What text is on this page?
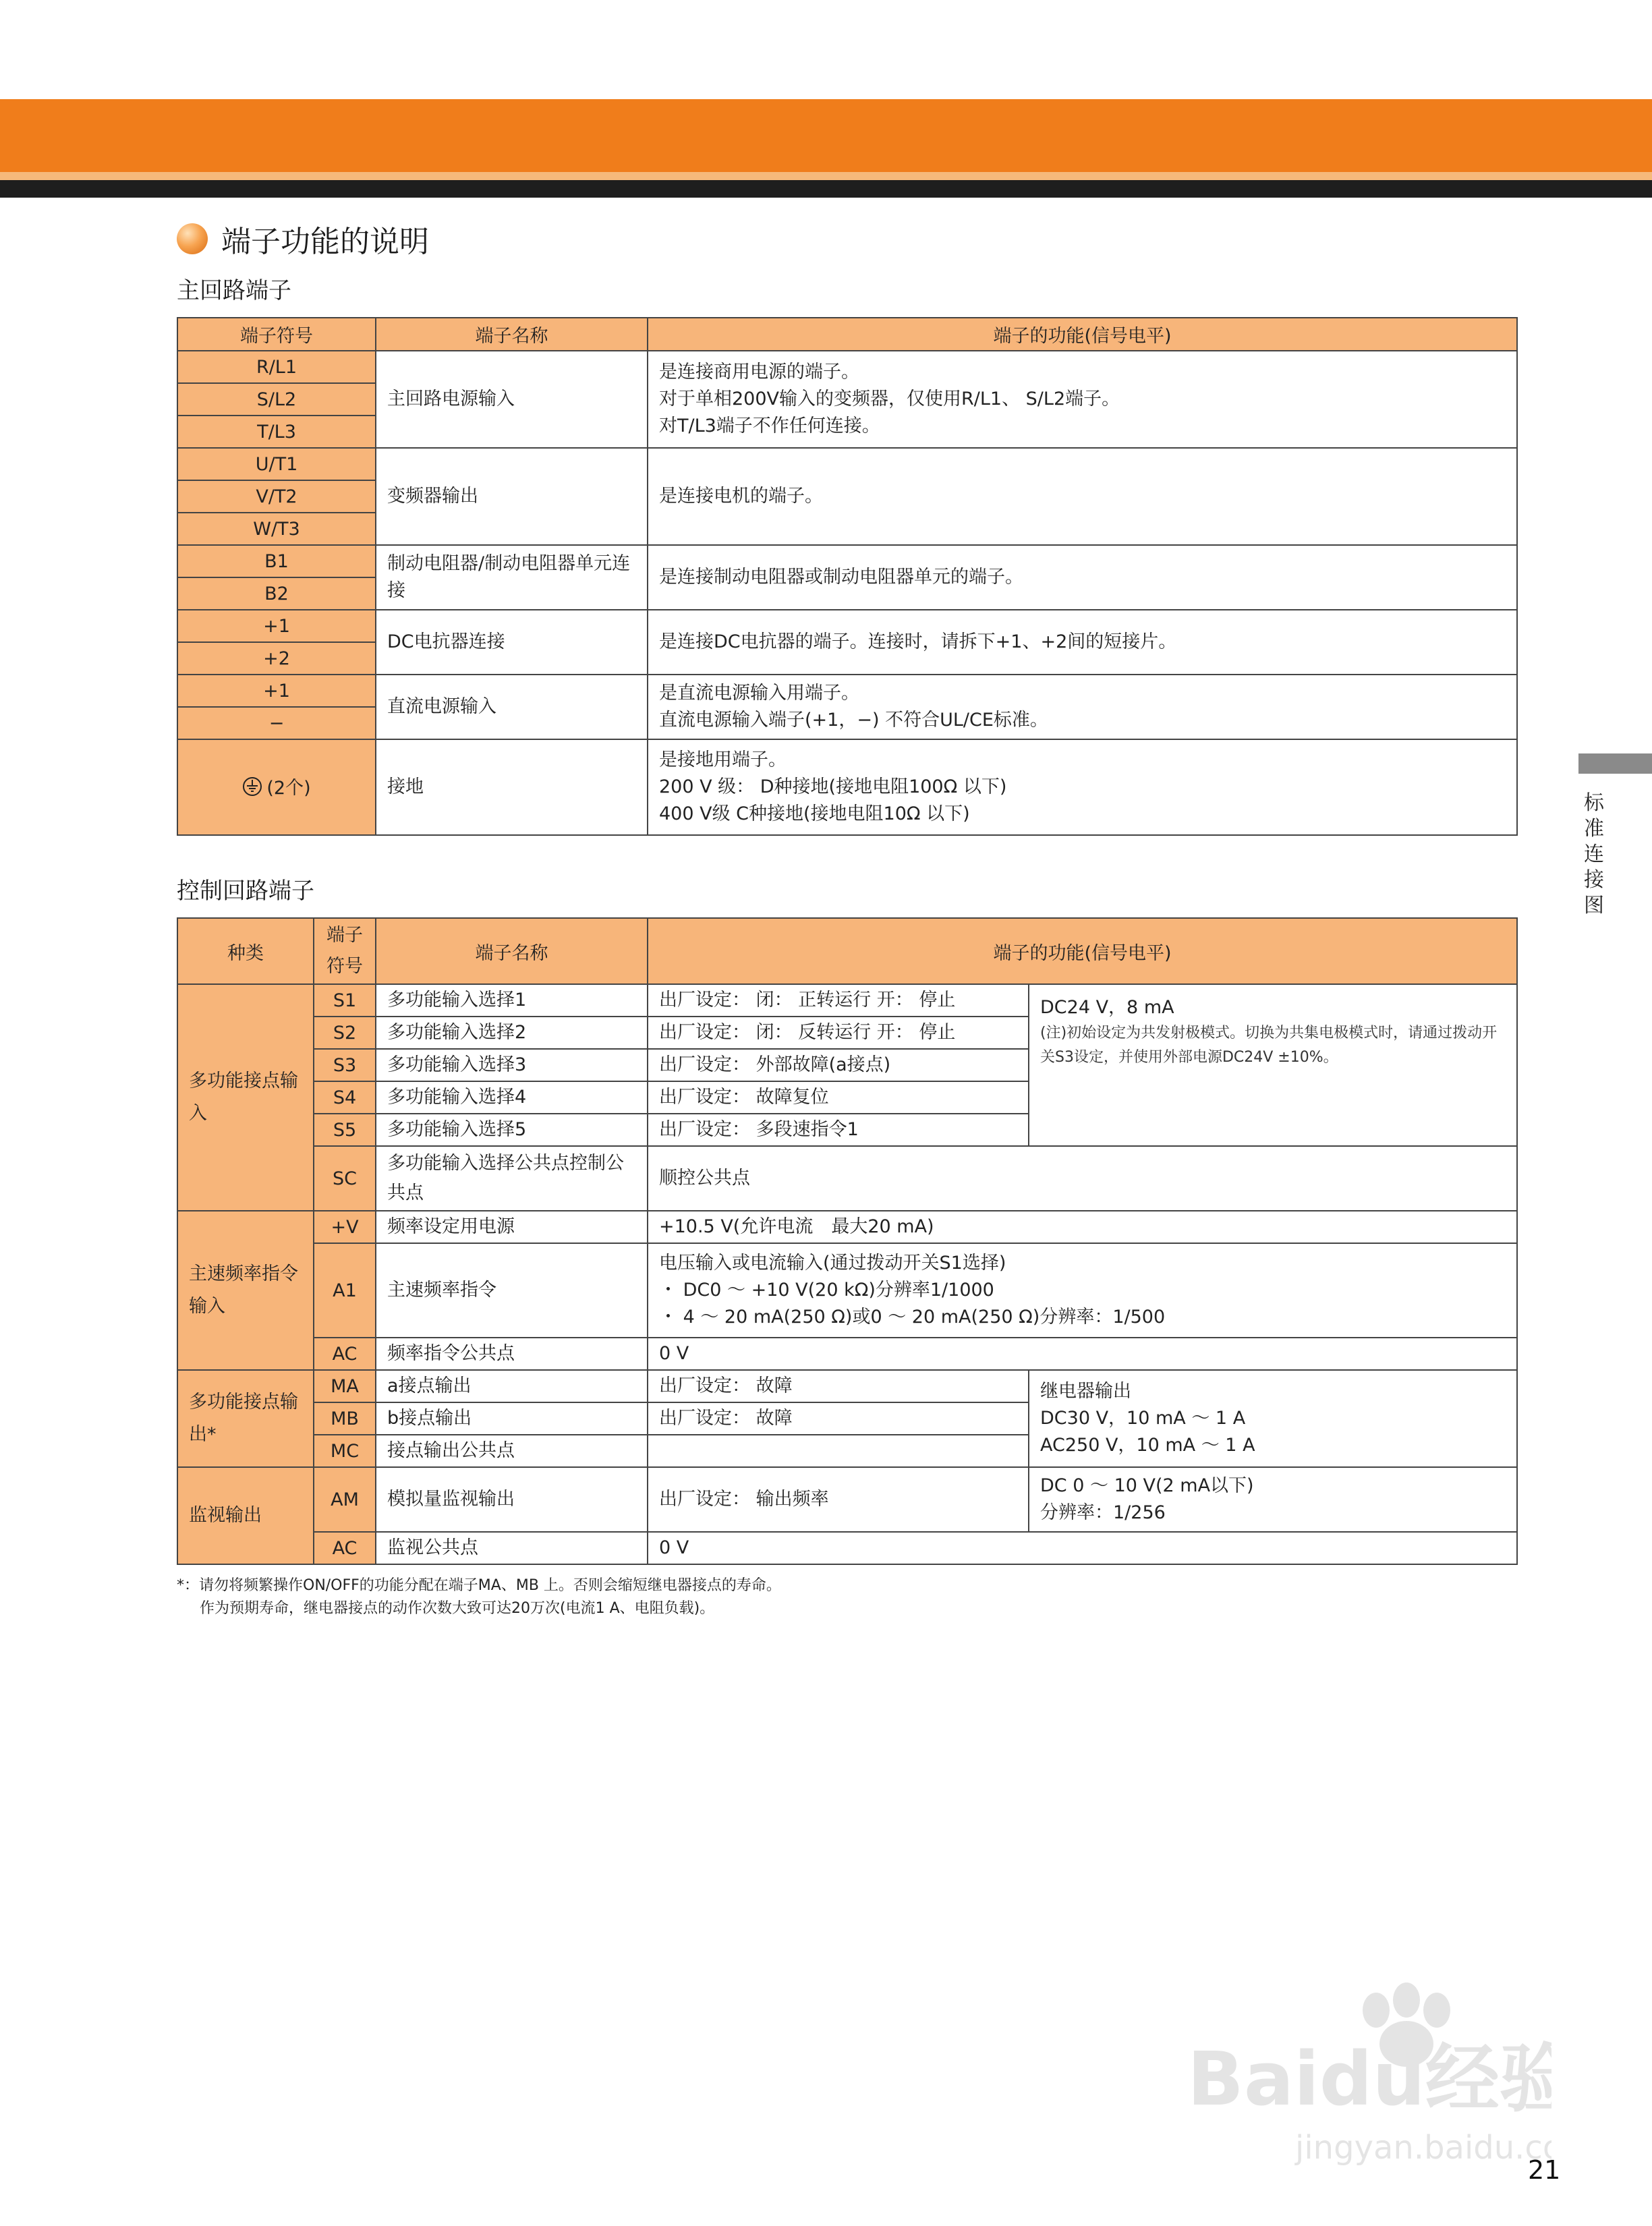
端子功能的说明
主回路端子
端子符号	端子名称	端子的功能(信号电平)
R/L1	主回路电源输入	是连接商用电源的端子。
对于单相200V输入的变频器，仅使用R/L1、 S/L2端子。
对T/L3端子不作任何连接。

S/L2		
T/L3		
U/T1	变频器输出	是连接电机的端子。
V/T2		
W/T3		
B1	制动电阻器/制动电阻器单元连接	是连接制动电阻器或制动电阻器单元的端子。
B2		
+1	DC电抗器连接	是连接DC电抗器的端子。连接时，请拆下+1、+2间的短接片。
+2		
+1	直流电源输入	是直流电源输入用端子。
直流电源输入端子(+1，−) 不符合UL/CE标准。

−		
(2个)	接地	是接地用端子。
200 V 级： D种接地(接地电阻100Ω 以下)
400 V级 C种接地(接地电阻10Ω 以下)
控制回路端子
种类	端子符号	端子名称	端子的功能(信号电平)	
多功能接点输入	S1	多功能输入选择1	出厂设定： 闭： 正转运行 开： 停止	DC24 V，8 mA
(注)初始设定为共发射极模式。切换为共集电极模式时，请通过拨动开关S3设定，并使用外部电源DC24V ±10%。

	S2	多功能输入选择2	出厂设定： 闭： 反转运行 开： 停止	
	S3	多功能输入选择3	出厂设定： 外部故障(a接点)	
	S4	多功能输入选择4	出厂设定： 故障复位	
	S5	多功能输入选择5	出厂设定： 多段速指令1	
	SC	多功能输入选择公共点控制公共点	顺控公共点	
主速频率指令输入	+V	频率设定用电源	+10.5 V(允许电流　最大20 mA)	
	A1	主速频率指令	电压输入或电流输入(通过拨动开关S1选择)
・ DC0 ～ +10 V(20 kΩ)分辨率1/1000
・ 4 ～ 20 mA(250 Ω)或0 ～ 20 mA(250 Ω)分辨率：1/500	

	AC	频率指令公共点	0 V	
多功能接点输出*	MA	a接点输出	出厂设定： 故障	继电器输出
DC30 V，10 mA ～ 1 A
AC250 V，10 mA ～ 1 A

	MB	b接点输出	出厂设定： 故障	
	MC	接点输出公共点		
监视输出	AM	模拟量监视输出	出厂设定： 输出频率	DC 0 ～ 10 V(2 mA以下)
分辨率：1/256

	AC	监视公共点	0 V	
*：请勿将频繁操作ON/OFF的功能分配在端子MA、MB 上。否则会缩短继电器接点的寿命。
作为预期寿命，继电器接点的动作次数大致可达20万次(电流1 A、电阻负载)。
标准连接图
Baidu经验
jingyan.baidu.c
21
